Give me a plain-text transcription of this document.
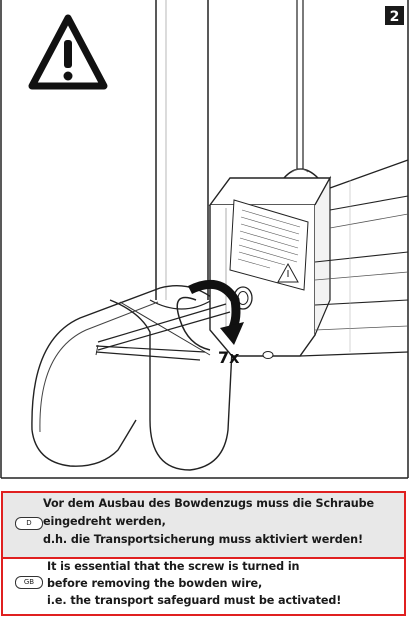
2
7x
D
Vor dem Ausbau des Bowdenzugs muss die Schraube
eingedreht werden,
d.h. die Transportsicherung muss aktiviert werden!
GB
It is essential that the screw is turned in
before removing the bowden wire,
i.e. the transport safeguard must be activated!
